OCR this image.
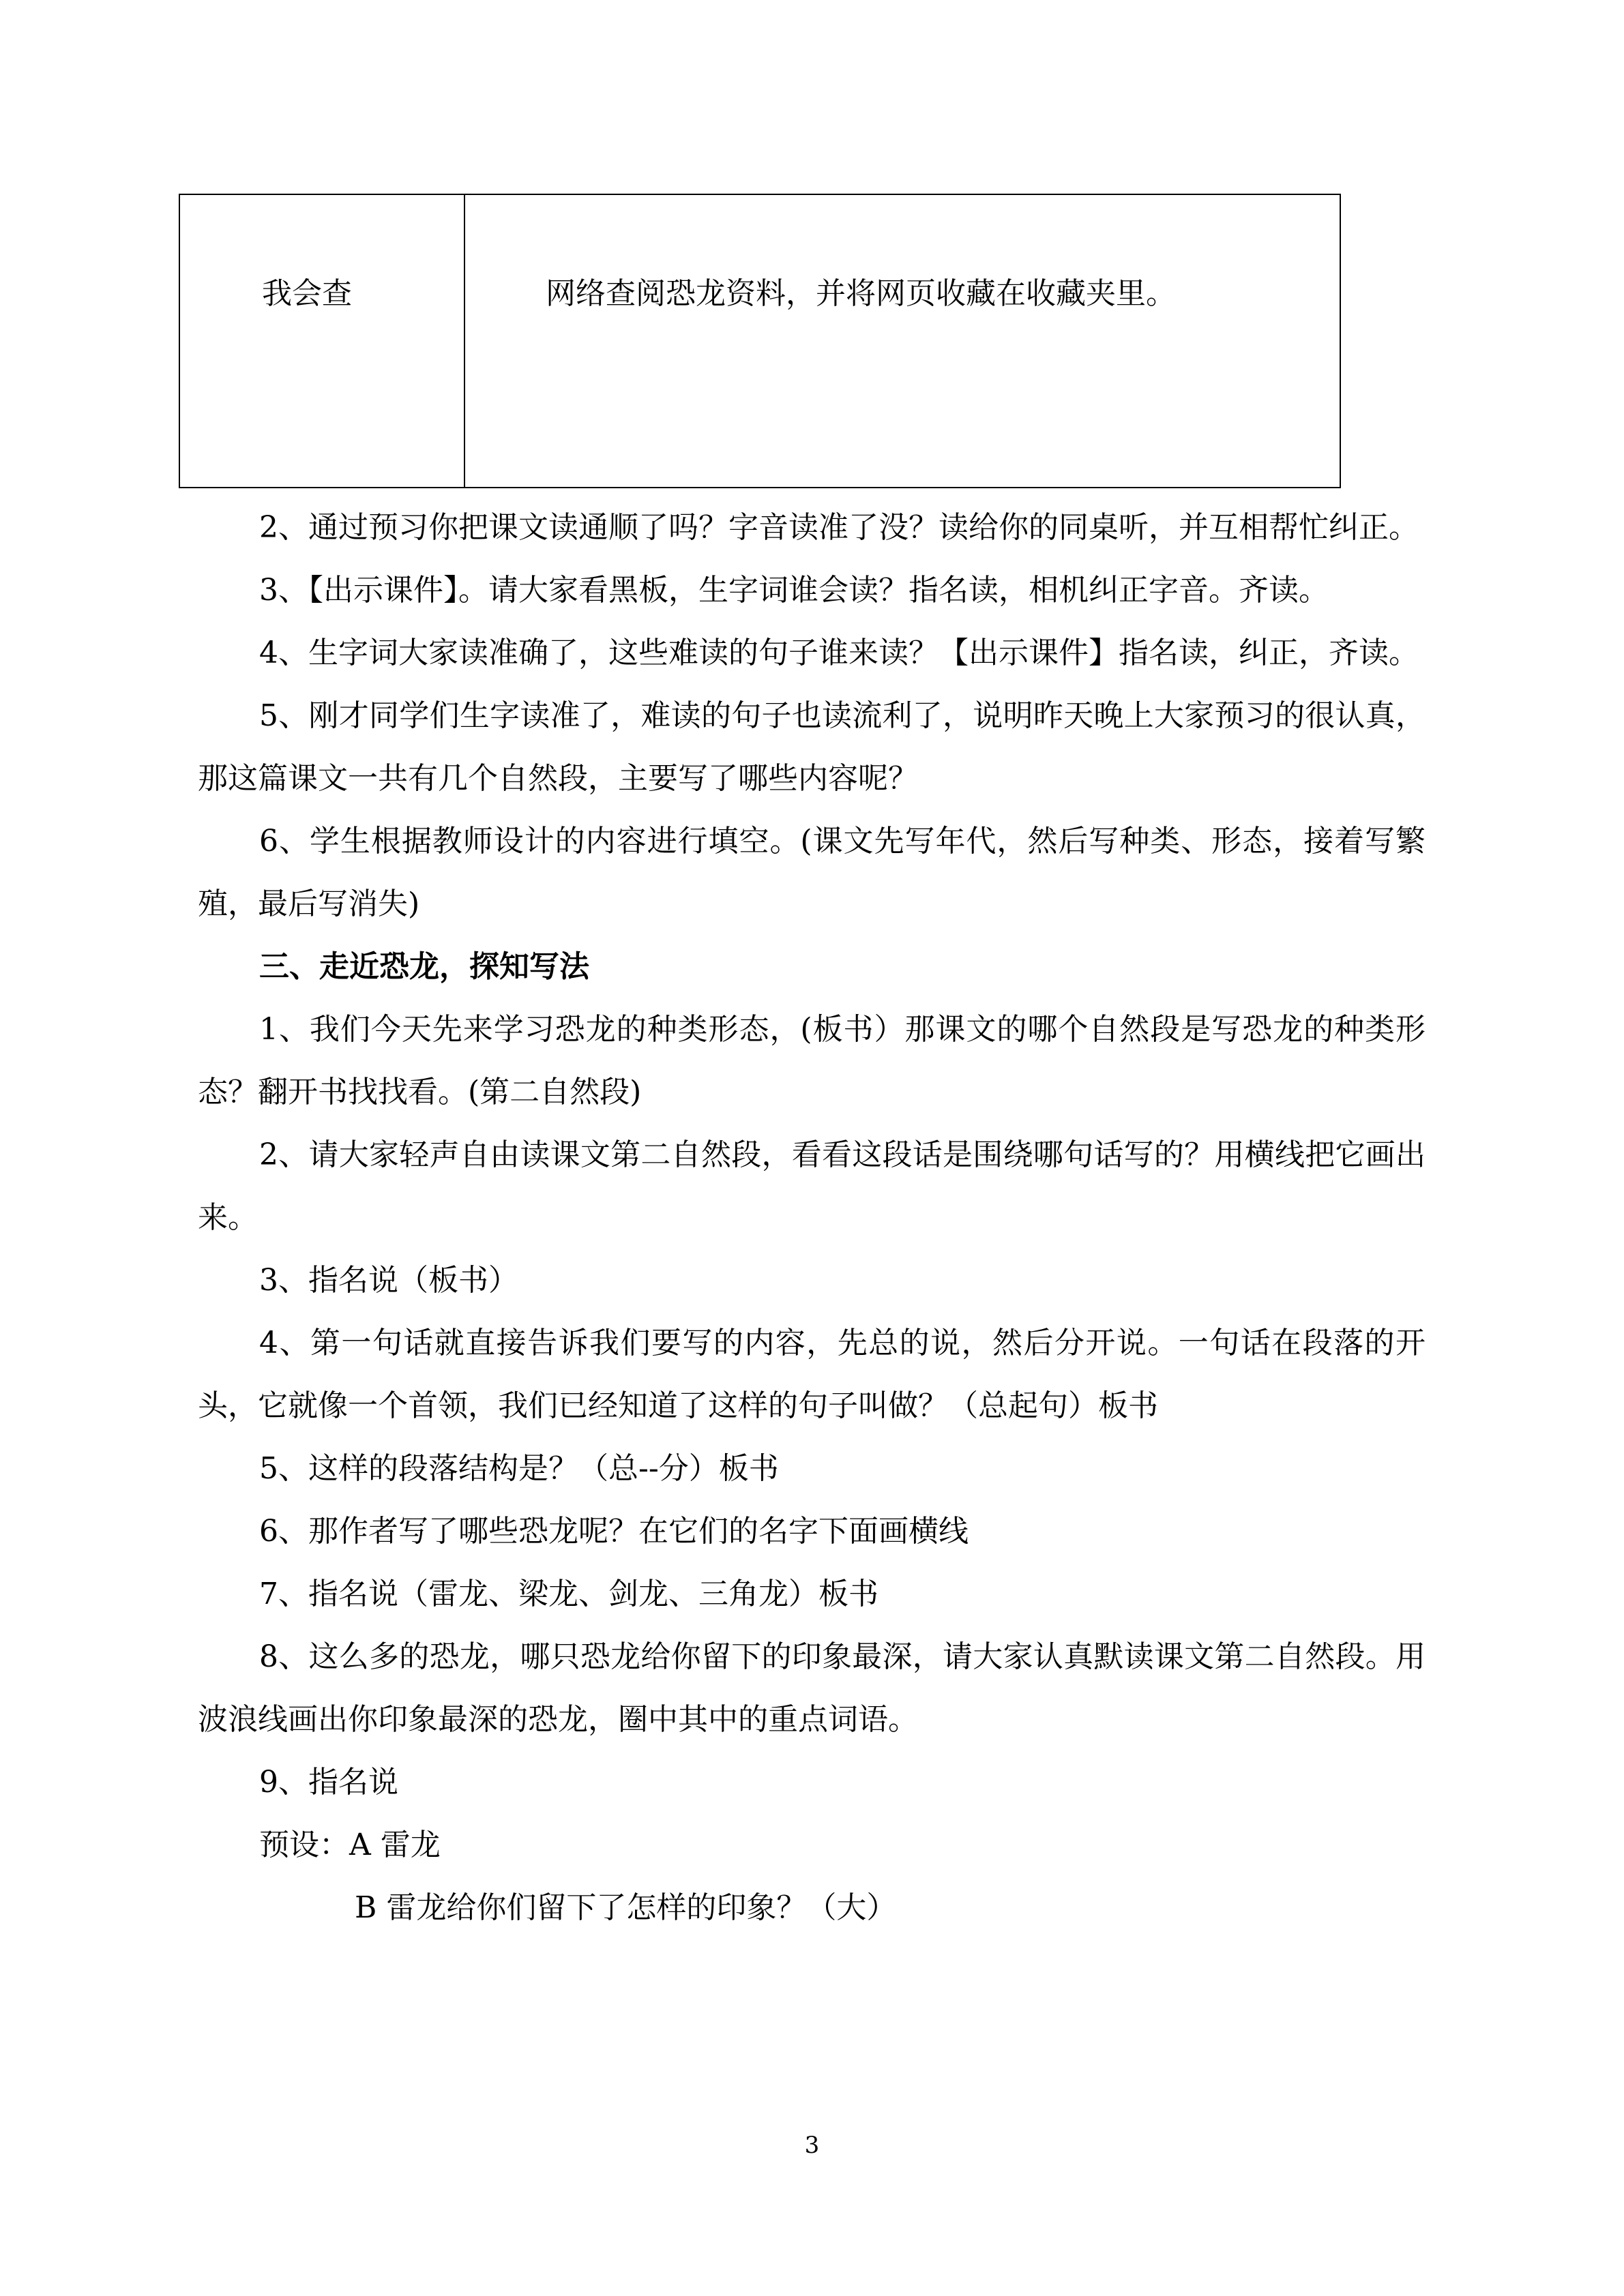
我会查	网络查阅恐龙资料，并将网页收藏在收藏夹里。

2、通过预习你把课文读通顺了吗？字音读准了没？读给你的同桌听，并互相帮忙纠正。

3、【出示课件】。请大家看黑板，生字词谁会读？指名读，相机纠正字音。齐读。

4、生字词大家读准确了，这些难读的句子谁来读？【出示课件】指名读，纠正，齐读。

5、刚才同学们生字读准了，难读的句子也读流利了，说明昨天晚上大家预习的很认真，那这篇课文一共有几个自然段，主要写了哪些内容呢？

6、学生根据教师设计的内容进行填空。(课文先写年代，然后写种类、形态，接着写繁殖，最后写消失)

三、走近恐龙，探知写法

1、我们今天先来学习恐龙的种类形态，(板书）那课文的哪个自然段是写恐龙的种类形态？翻开书找找看。(第二自然段)

2、请大家轻声自由读课文第二自然段，看看这段话是围绕哪句话写的？用横线把它画出来。

3、指名说（板书）

4、第一句话就直接告诉我们要写的内容，先总的说，然后分开说。一句话在段落的开头，它就像一个首领，我们已经知道了这样的句子叫做？（总起句）板书

5、这样的段落结构是？（总--分）板书

6、那作者写了哪些恐龙呢？在它们的名字下面画横线

7、指名说（雷龙、梁龙、剑龙、三角龙）板书

8、这么多的恐龙，哪只恐龙给你留下的印象最深，请大家认真默读课文第二自然段。用波浪线画出你印象最深的恐龙，圈中其中的重点词语。

9、指名说

预设：A 雷龙

B 雷龙给你们留下了怎样的印象？（大）

3
